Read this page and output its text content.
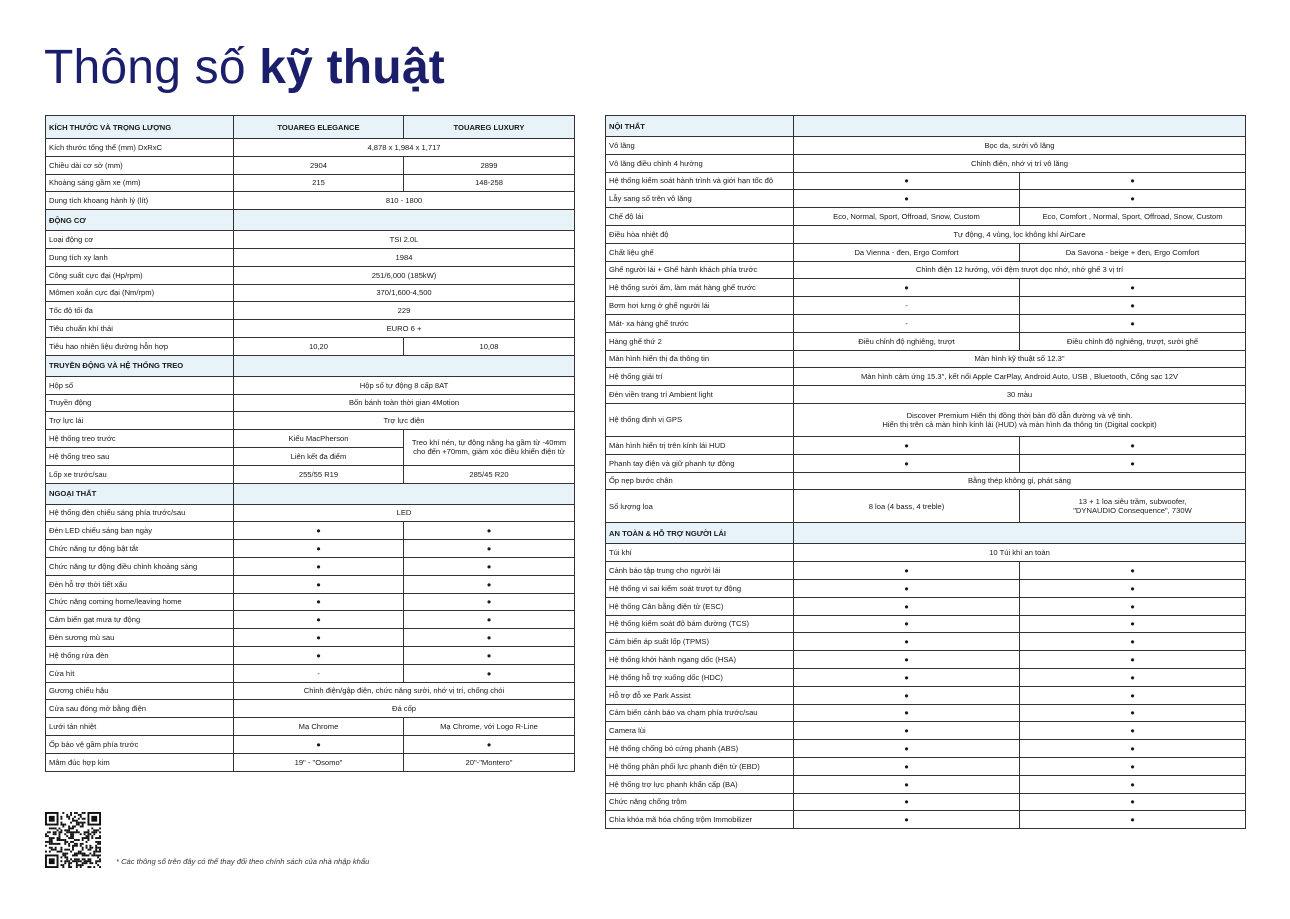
Thông số kỹ thuật
KÍCH THƯỚC VÀ TRỌNG LƯỢNG	TOUAREG ELEGANCE	TOUAREG LUXURY
Kích thước tổng thể (mm) DxRxC	4,878 x 1,984 x 1,717	

Chiều dài cơ sở (mm)	2904	2899

Khoảng sáng gầm xe (mm)	215	148-258

Dung tích khoang hành lý (lít)	810 - 1800	

ĐỘNG CƠ		
Loại động cơ	TSI 2.0L	

Dung tích xy lanh	1984	

Công suất cực đại (Hp/rpm)	251/6,000 (185kW)	

Mômen xoắn cực đại (Nm/rpm)	370/1,600-4,500	

Tốc độ tối đa	229	

Tiêu chuẩn khí thải	EURO 6 +	

Tiêu hao nhiên liệu đường hỗn hợp	10,20	10,08

TRUYỀN ĐỘNG VÀ HỆ THỐNG TREO		
Hộp số	Hộp số tự động 8 cấp 8AT	

Truyền động	Bốn bánh toàn thời gian 4Motion	

Trợ lực lái	Trợ lực điện	

Hệ thống treo trước	Kiểu MacPherson	Treo khí nén, tự động nâng hạ gầm từ -40mm cho đến +70mm, giảm xóc điều khiển điện tử

Hệ thống treo sau	Liên kết đa điểm	
Lốp xe trước/sau	255/55 R19	285/45 R20

NGOẠI THẤT		
Hệ thống đèn chiếu sáng phía trước/sau	LED	

Đèn LED chiếu sáng ban ngày	●	●

Chức năng tự động bật tắt	●	●

Chức năng tự động điều chỉnh khoảng sáng	●	●

Đèn hỗ trợ thời tiết xấu	●	●

Chức năng coming home/leaving home	●	●

Cảm biến gạt mưa tự động	●	●

Đèn sương mù sau	●	●

Hệ thống rửa đèn	●	●

Cửa hít	-	●

Gương chiếu hậu	Chỉnh điện/gập điện, chức năng sưởi, nhớ vị trí, chống chói	

Cửa sau đóng mở bằng điện	Đá cốp	

Lưới tản nhiệt	Mạ Chrome	Mạ Chrome, với Logo R-Line

Ốp bảo vệ gầm phía trước	●	●

Mâm đúc hợp kim	19" - "Osomo"	20"-"Montero"
NỘI THẤT		
Vô lăng	Bọc da, sưởi vô lăng	

Vô lăng điều chỉnh 4 hướng	Chỉnh điện, nhớ vị trí vô lăng	

Hệ thống kiểm soát hành trình và giới hạn tốc độ	●	●

Lẫy sang số trên vô lăng	●	●

Chế độ lái	Eco, Normal, Sport, Offroad, Snow, Custom	Eco, Comfort , Normal, Sport, Offroad, Snow, Custom

Điều hòa nhiệt độ	Tự động, 4 vùng, lọc không khí AirCare	

Chất liệu ghế	Da Vienna - đen, Ergo Comfort	Da Savona - beige + đen, Ergo Comfort

Ghế người lái + Ghế hành khách phía trước	Chỉnh điện 12 hướng, với đệm trượt dọc nhớ, nhớ ghế 3 vị trí	

Hệ thống sưởi ấm, làm mát hàng ghế trước	●	●

Bơm hơi lưng ở ghế người lái	-	●

Mát- xa hàng ghế trước	-	●

Hàng ghế thứ 2	Điều chỉnh độ nghiêng, trượt	Điều chỉnh độ nghiêng, trượt, sưởi ghế

Màn hình hiển thị đa thông tin	Màn hình kỹ thuật số 12.3"	

Hệ thống giải trí	Màn hình cảm ứng 15.3", kết nối Apple CarPlay, Android Auto, USB , Bluetooth, Cổng sạc 12V	

Đèn viền trang trí Ambient light	30 màu	

Hệ thống định vị GPS	Discover Premium Hiển thị đồng thời bản đồ dẫn đường và vệ tinh.
Hiển thị trên cả màn hình kính lái (HUD) và màn hình đa thông tin (Digital cockpit)	

Màn hình hiển trị trên kính lái HUD	●	●

Phanh tay điện và giữ phanh tự động	●	●

Ốp nẹp bước chân	Bằng thép không gỉ, phát sáng	

Số lượng loa	8 loa (4 bass, 4 treble)	13 + 1 loa siêu trầm, subwoofer,
"DYNAUDIO Consequence", 730W

AN TOÀN & HỖ TRỢ NGƯỜI LÁI		
Túi khí	10 Túi khí an toàn	

Cảnh báo tập trung cho người lái	●	●

Hệ thống vi sai kiểm soát trượt tự động	●	●

Hệ thống Cân bằng điện tử (ESC)	●	●

Hệ thống kiểm soát độ bám đường (TCS)	●	●

Cảm biến áp suất lốp (TPMS)	●	●

Hệ thống khởi hành ngang dốc (HSA)	●	●

Hệ thống hỗ trợ xuống dốc (HDC)	●	●

Hỗ trợ đỗ xe Park Assist	●	●

Cảm biến cảnh báo va chạm phía trước/sau	●	●

Camera lùi	●	●

Hệ thống chống bó cứng phanh (ABS)	●	●

Hệ thống phân phối lực phanh điện tử (EBD)	●	●

Hệ thống trợ lực phanh khẩn cấp (BA)	●	●

Chức năng chống trộm	●	●

Chìa khóa mã hóa chống trộm Immobilizer	●	●
* Các thông số trên đây có thể thay đổi theo chính sách của nhà nhập khẩu
